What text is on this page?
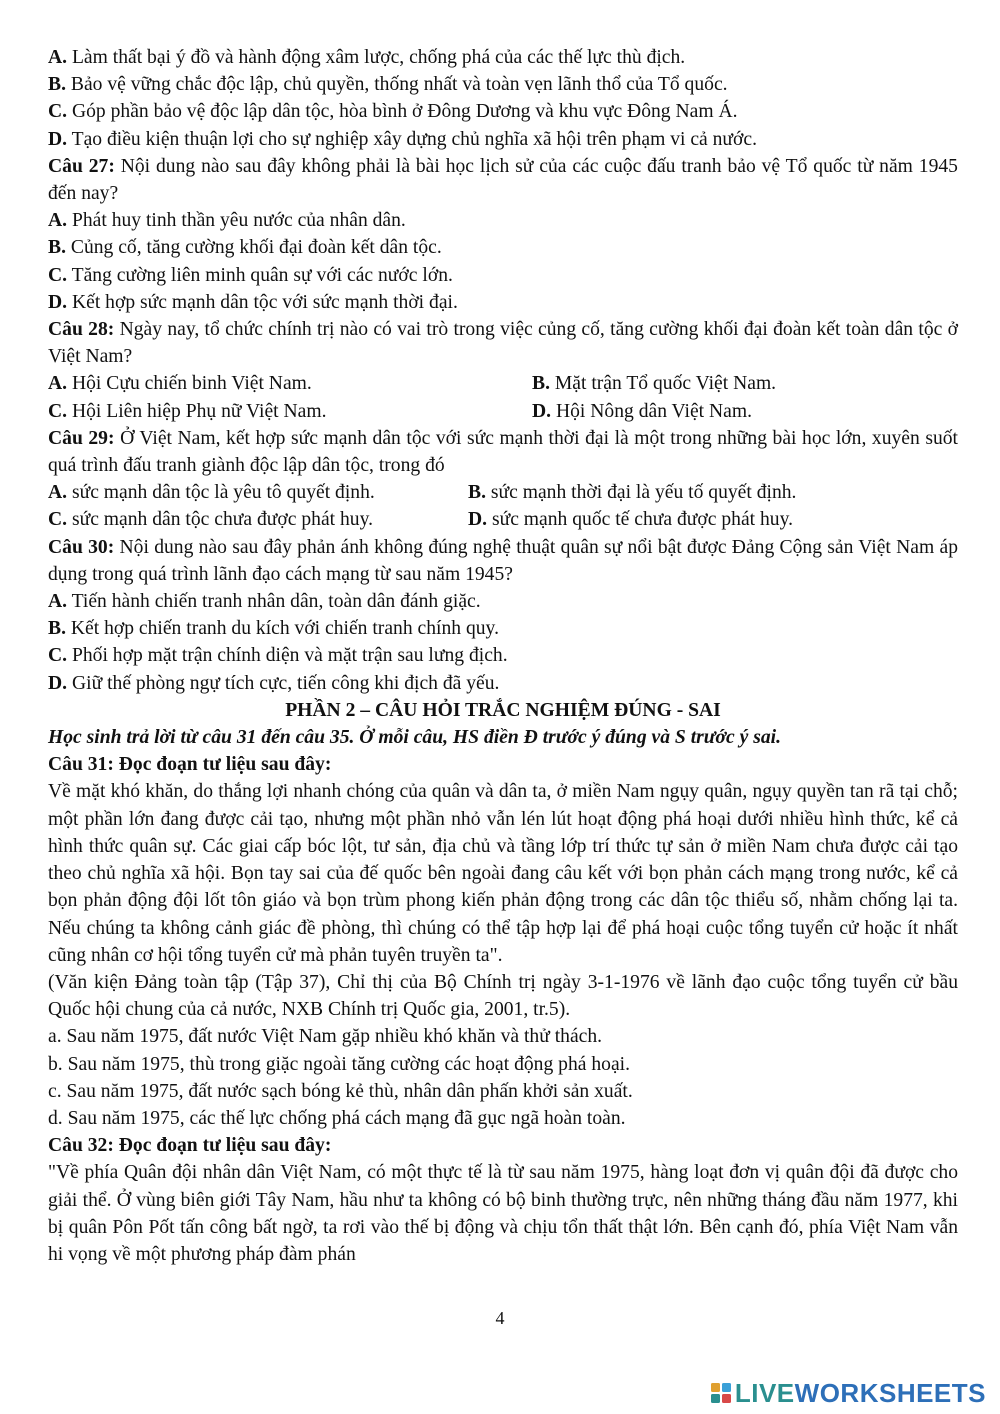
A. Làm thất bại ý đồ và hành động xâm lược, chống phá của các thế lực thù địch.
B. Bảo vệ vững chắc độc lập, chủ quyền, thống nhất và toàn vẹn lãnh thổ của Tổ quốc.
C. Góp phần bảo vệ độc lập dân tộc, hòa bình ở Đông Dương và khu vực Đông Nam Á.
D. Tạo điều kiện thuận lợi cho sự nghiệp xây dựng chủ nghĩa xã hội trên phạm vi cả nước.
Câu 27: Nội dung nào sau đây không phải là bài học lịch sử của các cuộc đấu tranh bảo vệ Tổ quốc từ năm 1945 đến nay?
A. Phát huy tinh thần yêu nước của nhân dân.
B. Củng cố, tăng cường khối đại đoàn kết dân tộc.
C. Tăng cường liên minh quân sự với các nước lớn.
D. Kết hợp sức mạnh dân tộc với sức mạnh thời đại.
Câu 28: Ngày nay, tổ chức chính trị nào có vai trò trong việc củng cố, tăng cường khối đại đoàn kết toàn dân tộc ở Việt Nam?
A. Hội Cựu chiến binh Việt Nam.	B. Mặt trận Tổ quốc Việt Nam.
C. Hội Liên hiệp Phụ nữ Việt Nam.	D. Hội Nông dân Việt Nam.
Câu 29: Ở Việt Nam, kết hợp sức mạnh dân tộc với sức mạnh thời đại là một trong những bài học lớn, xuyên suốt quá trình đấu tranh giành độc lập dân tộc, trong đó
A. sức mạnh dân tộc là yêu tô quyết định.	B. sức mạnh thời đại là yếu tố quyết định.
C. sức mạnh dân tộc chưa được phát huy.	D. sức mạnh quốc tế chưa được phát huy.
Câu 30: Nội dung nào sau đây phản ánh không đúng nghệ thuật quân sự nổi bật được Đảng Cộng sản Việt Nam áp dụng trong quá trình lãnh đạo cách mạng từ sau năm 1945?
A. Tiến hành chiến tranh nhân dân, toàn dân đánh giặc.
B. Kết hợp chiến tranh du kích với chiến tranh chính quy.
C. Phối hợp mặt trận chính diện và mặt trận sau lưng địch.
D. Giữ thế phòng ngự tích cực, tiến công khi địch đã yếu.
PHẦN 2 – CÂU HỎI TRẮC NGHIỆM ĐÚNG - SAI
Học sinh trả lời từ câu 31 đến câu 35. Ở mỗi câu, HS điền Đ trước ý đúng và S trước ý sai.
Câu 31: Đọc đoạn tư liệu sau đây:
Về mặt khó khăn, do thắng lợi nhanh chóng của quân và dân ta, ở miền Nam ngụy quân, ngụy quyền tan rã tại chỗ; một phần lớn đang được cải tạo, nhưng một phần nhỏ vẫn lén lút hoạt động phá hoại dưới nhiều hình thức, kể cả hình thức quân sự. Các giai cấp bóc lột, tư sản, địa chủ và tầng lớp trí thức tự sản ở miền Nam chưa được cải tạo theo chủ nghĩa xã hội. Bọn tay sai của đế quốc bên ngoài đang câu kết với bọn phản cách mạng trong nước, kể cả bọn phản động đội lốt tôn giáo và bọn trùm phong kiến phản động trong các dân tộc thiểu số, nhằm chống lại ta. Nếu chúng ta không cảnh giác đề phòng, thì chúng có thể tập hợp lại để phá hoại cuộc tổng tuyển cử hoặc ít nhất cũng nhân cơ hội tổng tuyển cử mà phản tuyên truyền ta".
(Văn kiện Đảng toàn tập (Tập 37), Chỉ thị của Bộ Chính trị ngày 3-1-1976 về lãnh đạo cuộc tổng tuyển cử bầu Quốc hội chung của cả nước, NXB Chính trị Quốc gia, 2001, tr.5).
a. Sau năm 1975, đất nước Việt Nam gặp nhiều khó khăn và thử thách.
b. Sau năm 1975, thù trong giặc ngoài tăng cường các hoạt động phá hoại.
c. Sau năm 1975, đất nước sạch bóng kẻ thù, nhân dân phấn khởi sản xuất.
d. Sau năm 1975, các thế lực chống phá cách mạng đã gục ngã hoàn toàn.
Câu 32: Đọc đoạn tư liệu sau đây:
"Về phía Quân đội nhân dân Việt Nam, có một thực tế là từ sau năm 1975, hàng loạt đơn vị quân đội đã được cho giải thể. Ở vùng biên giới Tây Nam, hầu như ta không có bộ binh thường trực, nên những tháng đầu năm 1977, khi bị quân Pôn Pốt tấn công bất ngờ, ta rơi vào thế bị động và chịu tổn thất thật lớn. Bên cạnh đó, phía Việt Nam vẫn hi vọng về một phương pháp đàm phán
4
LIVEWORKSHEETS
